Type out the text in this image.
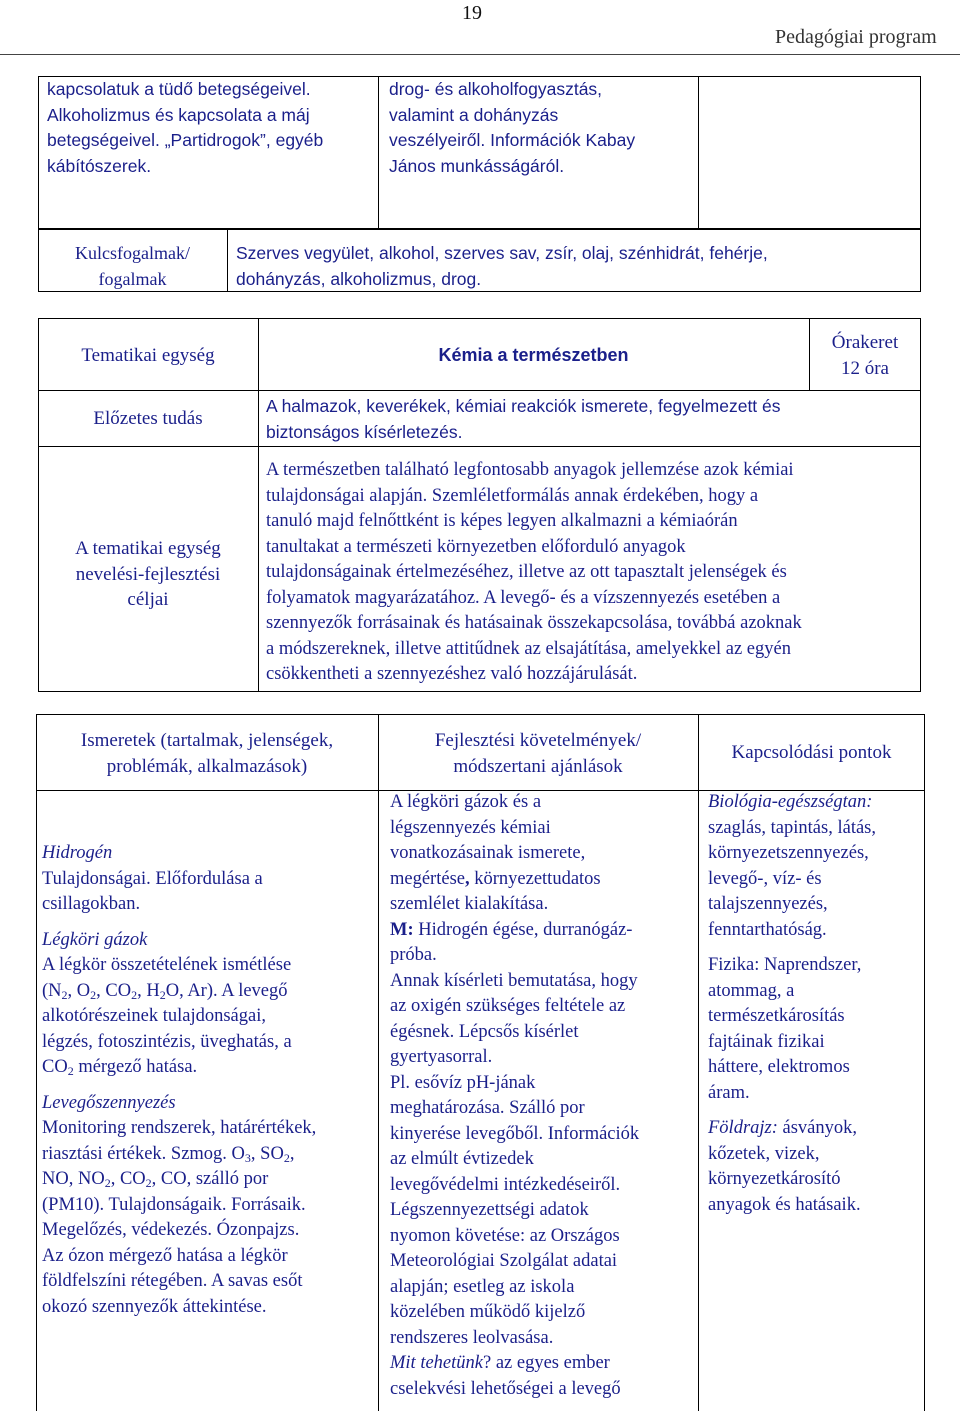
19
Pedagógiai program
kapcsolatuk a tüdő betegségeivel.
Alkoholizmus és kapcsolata a máj
betegségeivel. „Partidrogok”, egyéb
kábítószerek.
drog- és alkoholfogyasztás,
valamint a dohányzás
veszélyeiről. Információk Kabay
János munkásságáról.
Kulcsfogalmak/
fogalmak
Szerves vegyület, alkohol, szerves sav, zsír, olaj, szénhidrát, fehérje,
dohányzás, alkoholizmus, drog.
Tematikai egység	Kémia a természetben
Órakeret
12 óra
Előzetes tudás
A halmazok, keverékek, kémiai reakciók ismerete, fegyelmezett és
biztonságos kísérletezés.
A tematikai egység
nevelési-fejlesztési
céljai
A természetben található legfontosabb anyagok jellemzése azok kémiai
tulajdonságai alapján. Szemléletformálás annak érdekében, hogy a
tanuló majd felnőttként is képes legyen alkalmazni a kémiaórán
tanultakat a természeti környezetben előforduló anyagok
tulajdonságainak értelmezéséhez, illetve az ott tapasztalt jelenségek és
folyamatok magyarázatához. A levegő- és a vízszennyezés esetében a
szennyezők forrásainak és hatásainak összekapcsolása, továbbá azoknak
a módszereknek, illetve attitűdnek az elsajátítása, amelyekkel az egyén
csökkentheti a szennyezéshez való hozzájárulását.
Ismeretek (tartalmak, jelenségek,
problémák, alkalmazások)
Fejlesztési követelmények/
módszertani ajánlások
Kapcsolódási pontok
Hidrogén
Tulajdonságai. Előfordulása a
csillagokban.
Légköri gázok
A légkör összetételének ismétlése
($N_2$, $O_2$, $CO_2$, $H_2O$, Ar). A levegő
alkotórészeinek tulajdonságai,
légzés, fotoszintézis, üveghatás, a
$CO_2$ mérgező hatása.
Levegőszennyezés
Monitoring rendszerek, határértékek,
riasztási értékek. Szmog. $O_3$, $SO_2$,
NO, $NO_2$, $CO_2$, CO, szálló por
(PM10). Tulajdonságaik. Forrásaik.
Megelőzés, védekezés. Ózonpajzs.
Az ózon mérgező hatása a légkör
földfelszíni rétegében. A savas esőt
okozó szennyezők áttekintése.
A légköri gázok és a
légszennyezés kémiai
vonatkozásainak ismerete,
megértése, környezettudatos
szemlélet kialakítása.
M: Hidrogén égése, durranógáz-
próba.
Annak kísérleti bemutatása, hogy
az oxigén szükséges feltétele az
égésnek. Lépcsős kísérlet
gyertyasorral.
Pl. esővíz pH-jának
meghatározása. Szálló por
kinyerése levegőből. Információk
az elmúlt évtizedek
levegővédelmi intézkedéseiről.
Légszennyezettségi adatok
nyomon követése: az Országos
Meteorológiai Szolgálat adatai
alapján; esetleg az iskola
közelében működő kijelző
rendszeres leolvasása.
Mit tehetünk? az egyes ember
cselekvési lehetőségei a levegő
Biológia-egészségtan:
szaglás, tapintás, látás,
környezetszennyezés,
levegő-, víz- és
talajszennyezés,
fenntarthatóság.
Fizika: Naprendszer,
atommag, a
természetkárosítás
fajtáinak fizikai
háttere, elektromos
áram.
Földrajz: ásványok,
kőzetek, vizek,
környezetkárosító
anyagok és hatásaik.
